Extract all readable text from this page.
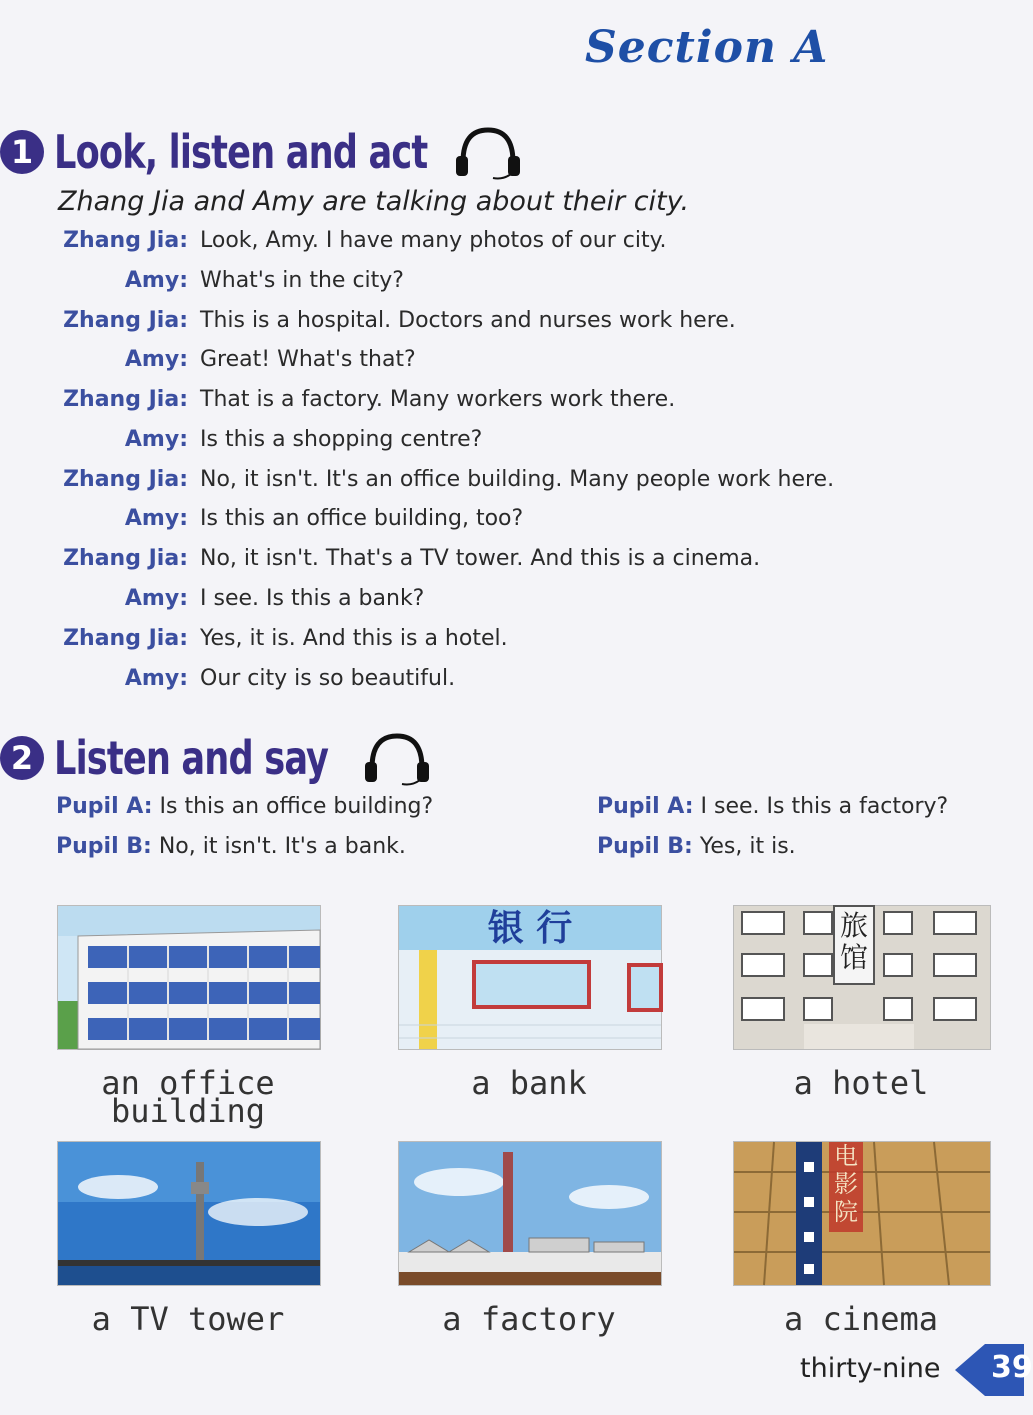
Section A
1 Look, listen and act
Zhang Jia and Amy are talking about their city.
Zhang Jia: Look, Amy. I have many photos of our city.
Amy: What's in the city?
Zhang Jia: This is a hospital. Doctors and nurses work here.
Amy: Great! What's that?
Zhang Jia: That is a factory. Many workers work there.
Amy: Is this a shopping centre?
Zhang Jia: No, it isn't. It's an office building. Many people work here.
Amy: Is this an office building, too?
Zhang Jia: No, it isn't. That's a TV tower. And this is a cinema.
Amy: I see. Is this a bank?
Zhang Jia: Yes, it is. And this is a hotel.
Amy: Our city is so beautiful.
2 Listen and say
Pupil A: Is this an office building?
Pupil B: No, it isn't. It's a bank.
Pupil A: I see. Is this a factory?
Pupil B: Yes, it is.
an office
building
银 行
a bank
旅馆
a hotel
a TV tower	a factory
电影院
a cinema
thirty-nine 39
